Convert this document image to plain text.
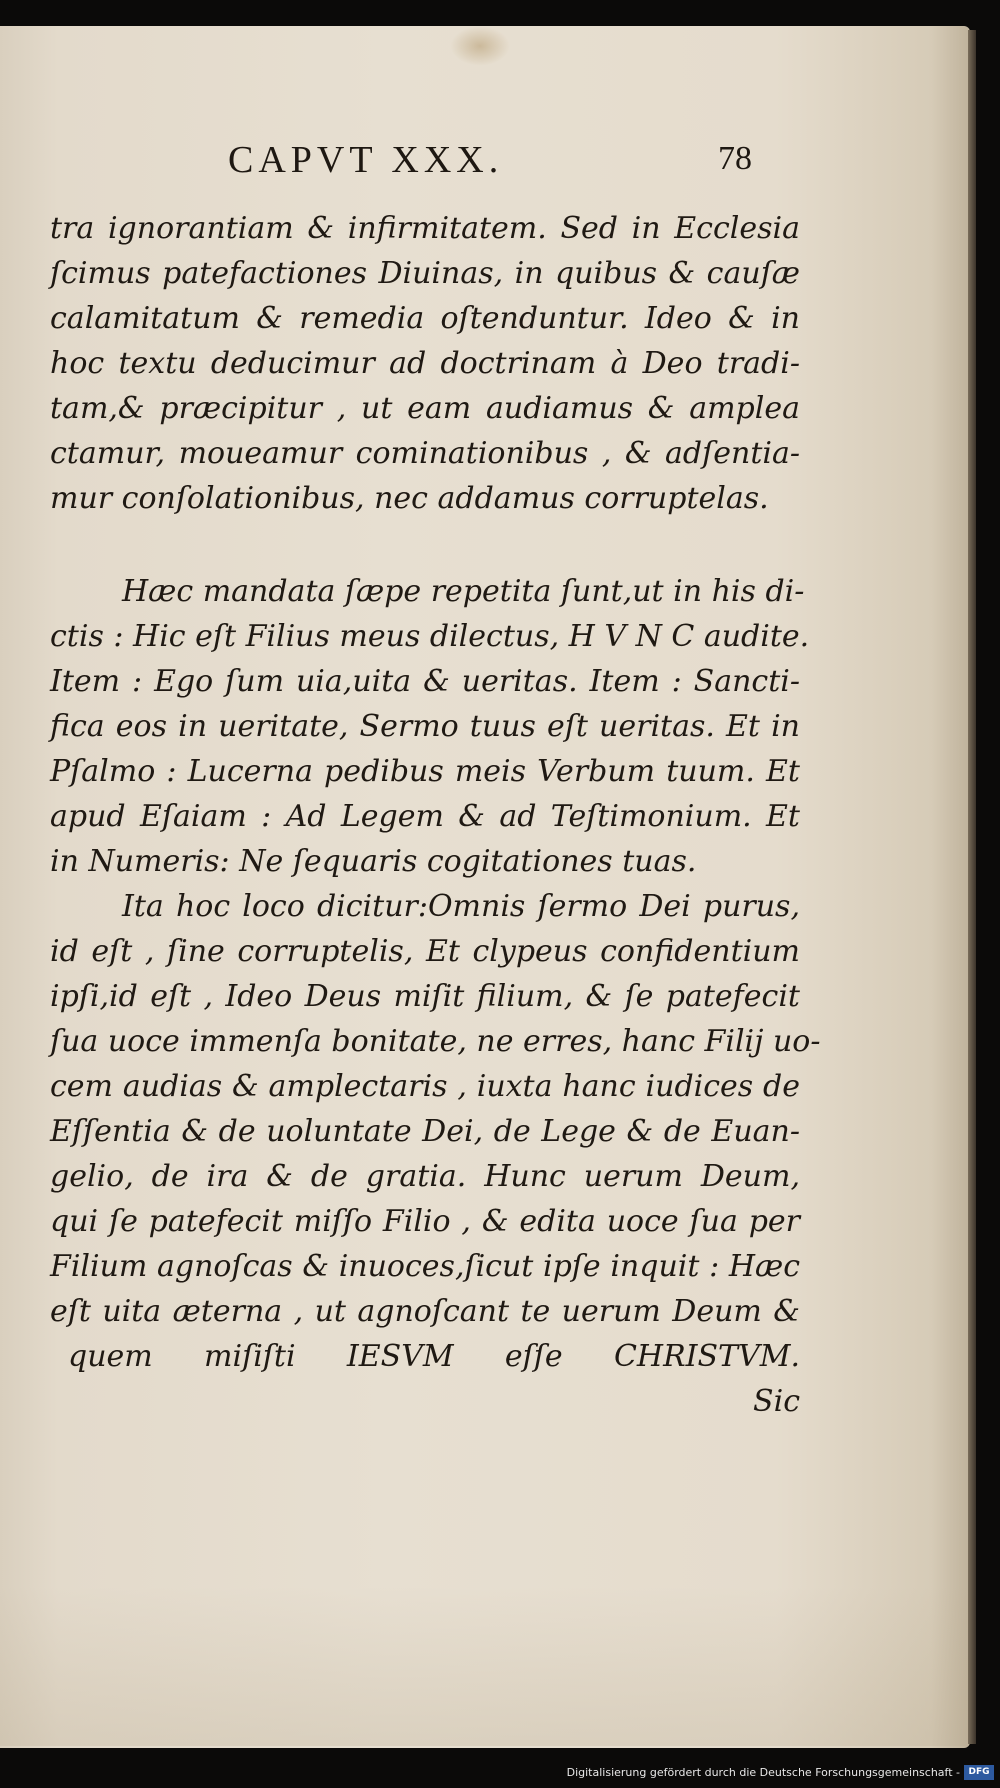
CAPVT XXX.	78
tra ignorantiam & infirmitatem. Sed in Ecclesia
ſcimus patefactiones Diuinas, in quibus & cauſæ
calamitatum & remedia oſtenduntur. Ideo & in
hoc textu deducimur ad doctrinam à Deo tradi-
tam,& præcipitur , ut eam audiamus & amplea
ctamur, moueamur cominationibus , & adſentia-
mur conſolationibus, nec addamus corruptelas.
Hæc mandata ſæpe repetita ſunt,ut in his di-
ctis : Hic eſt Filius meus dilectus, H V N C audite.
Item : Ego ſum uia,uita & ueritas. Item : Sancti-
fica eos in ueritate, Sermo tuus eſt ueritas. Et in
Pſalmo : Lucerna pedibus meis Verbum tuum. Et
apud Eſaiam : Ad Legem & ad Teſtimonium. Et
in Numeris: Ne ſequaris cogitationes tuas.
Ita hoc loco dicitur:Omnis ſermo Dei purus,
id eſt , ſine corruptelis, Et clypeus confidentium
ipſi,id eſt , Ideo Deus miſit filium, & ſe patefecit
ſua uoce immenſa bonitate, ne erres, hanc Filij uo-
cem audias & amplectaris , iuxta hanc iudices de
Eſſentia & de uoluntate Dei, de Lege & de Euan-
gelio, de ira & de gratia. Hunc uerum Deum,
qui ſe patefecit miſſo Filio , & edita uoce ſua per
Filium agnoſcas & inuoces,ſicut ipſe inquit : Hæc
eſt uita æterna , ut agnoſcant te uerum Deum &
quem miſiſti IESVM eſſe CHRISTVM.
Sic
Digitalisierung gefördert durch die Deutsche Forschungsgemeinschaft - DFG
